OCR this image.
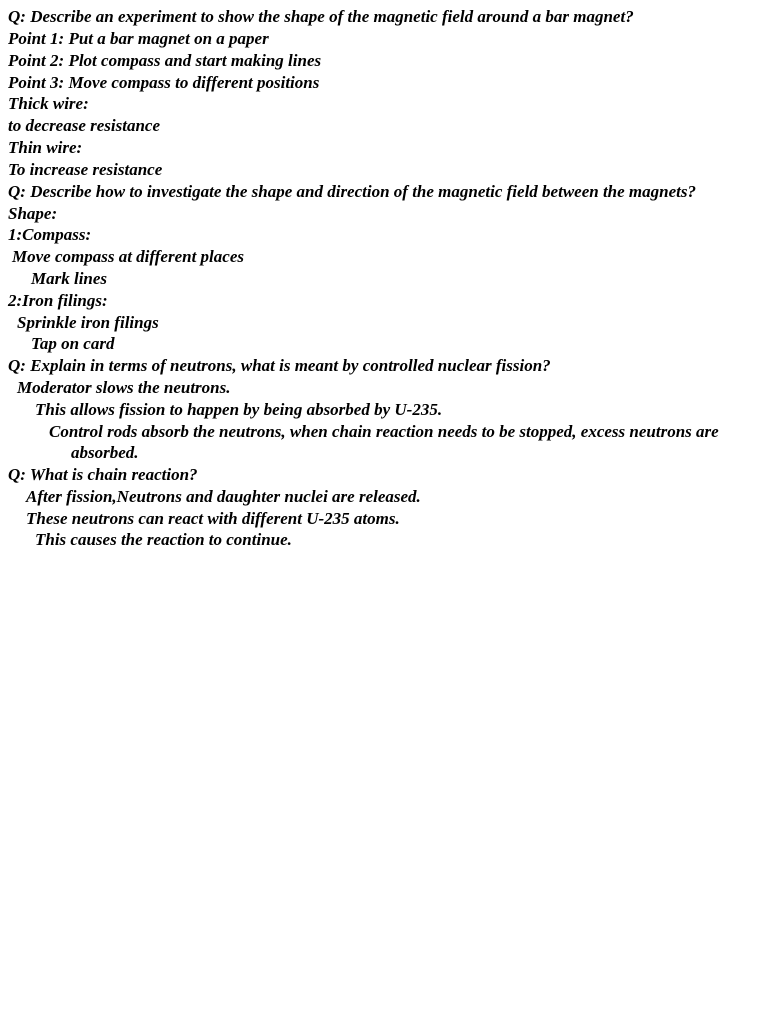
Q: Describe an experiment to show the shape of the magnetic field around a bar magnet?

Point 1: Put a bar magnet on a paper

Point 2: Plot compass and start making lines

Point 3: Move compass to different positions

Thick wire:

to decrease resistance

Thin wire:

To increase resistance

Q: Describe how to investigate the shape and direction of the magnetic field between the magnets?

Shape:

1:Compass:

Move compass at different places

Mark lines

2:Iron filings:

Sprinkle iron filings

Tap on card

Q: Explain in terms of neutrons, what is meant by controlled nuclear fission?

Moderator slows the neutrons.

This allows fission to happen by being absorbed by U-235.

Control rods absorb the neutrons, when chain reaction needs to be stopped, excess neutrons are

absorbed.

Q: What is chain reaction?

After fission,Neutrons and daughter nuclei are released.

These neutrons can react with different U-235 atoms.

This causes the reaction to continue.
